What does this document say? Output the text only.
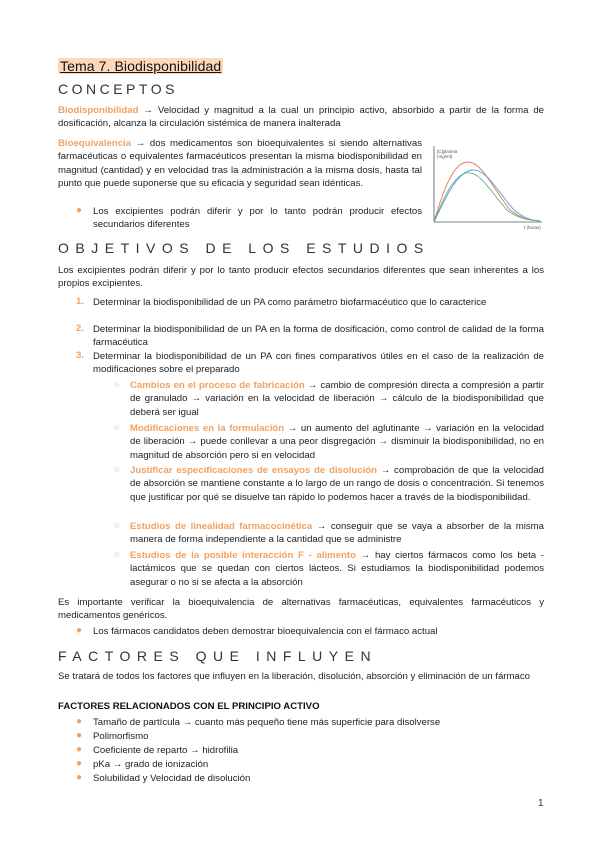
Tema 7. Biodisponibilidad
CONCEPTOS
Biodisponibilidad → Velocidad y magnitud a la cual un principio activo, absorbido a partir de la forma de dosificación, alcanza la circulación sistémica de manera inalterada
Bioequivalencia → dos medicamentos son bioequivalentes si siendo alternativas farmacéuticas o equivalentes farmacéuticos presentan la misma biodisponibilidad en magnitud (cantidad) y en velocidad tras la administración a la misma dosis, hasta tal punto que puede suponerse que su eficacia y seguridad sean idénticas.
● Los excipientes podrán diferir y por lo tanto podrán producir efectos secundarios diferentes
[C]plasma
(mg/ml)
t (horas)
OBJETIVOS DE LOS ESTUDIOS
Los excipientes podrán diferir y por lo tanto producir efectos secundarios diferentes que sean inherentes a los propios excipientes.
1. Determinar la biodisponibilidad de un PA como parámetro biofarmacéutico que lo caracterice
2. Determinar la biodisponibilidad de un PA en la forma de dosificación, como control de calidad de la forma farmacéutica
3. Determinar la biodisponibilidad de un PA con fines comparativos útiles en el caso de la realización de modificaciones sobre el preparado
○ Cambios en el proceso de fabricación → cambio de compresión directa a compresión a partir de granulado → variación en la velocidad de liberación → cálculo de la biodisponibilidad que deberá ser igual
○ Modificaciones en la formulación → un aumento del aglutinante → variación en la velocidad de liberación → puede conllevar a una peor disgregación → disminuir la biodisponibilidad, no en magnitud de absorción pero si en velocidad
○ Justificar especificaciones de ensayos de disolución → comprobación de que la velocidad de absorción se mantiene constante a lo largo de un rango de dosis o concentración. Si tenemos que justificar por qué se disuelve tan rápido lo podemos hacer a través de la biodisponibilidad.
○ Estudios de linealidad farmacocinética → conseguir que se vaya a absorber de la misma manera de forma independiente a la cantidad que se administre
○ Estudios de la posible interacción F - alimento → hay ciertos fármacos como los beta - lactámicos que se quedan con ciertos lácteos. Si estudiamos la biodisponibilidad podemos asegurar o no si se afecta a la absorción
Es importante verificar la bioequivalencia de alternativas farmacéuticas, equivalentes farmacéuticos y medicamentos genéricos.
● Los fármacos candidatos deben demostrar bioequivalencia con el fármaco actual
FACTORES QUE INFLUYEN
Se tratará de todos los factores que influyen en la liberación, disolución, absorción y eliminación de un fármaco
FACTORES RELACIONADOS CON EL PRINCIPIO ACTIVO
● Tamaño de partícula → cuanto más pequeño tiene más superficie para disolverse
● Polimorfismo
● Coeficiente de reparto → hidrofilia
● pKa → grado de ionización
● Solubilidad y Velocidad de disolución
1
